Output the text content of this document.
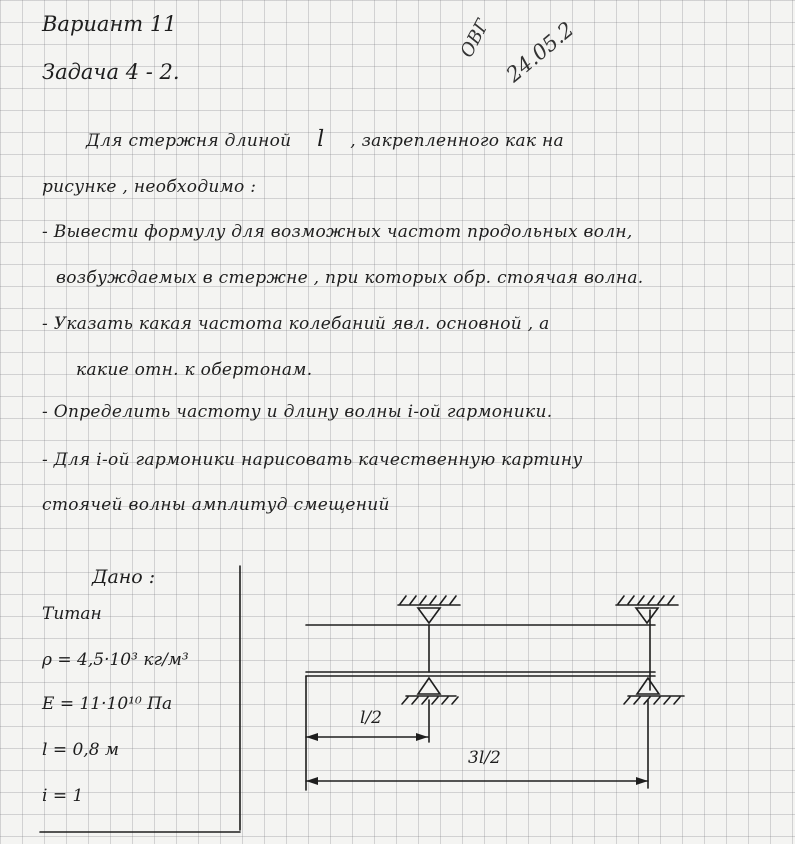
Вариант 11
Задача 4 - 2.
ОВГ 24.05.2
Для стержня длиной l , закрепленного как на
рисунке , необходимо :
- Вывести формулу для возможных частот продольных волн,
возбуждаемых в стержне , при которых обр. стоячая волна.
- Указать какая частота колебаний явл. основной , а
какие отн. к обертонам.
- Определить частоту и длину волны i-ой гармоники.
- Для i-ой гармоники нарисовать качественную картину
стоячей волны амплитуд смещений
Дано :
Титан
ρ = 4,5·10³ кг/м³
E = 11·10¹⁰ Па
l = 0,8 м
i = 1
l/2
3l/2
